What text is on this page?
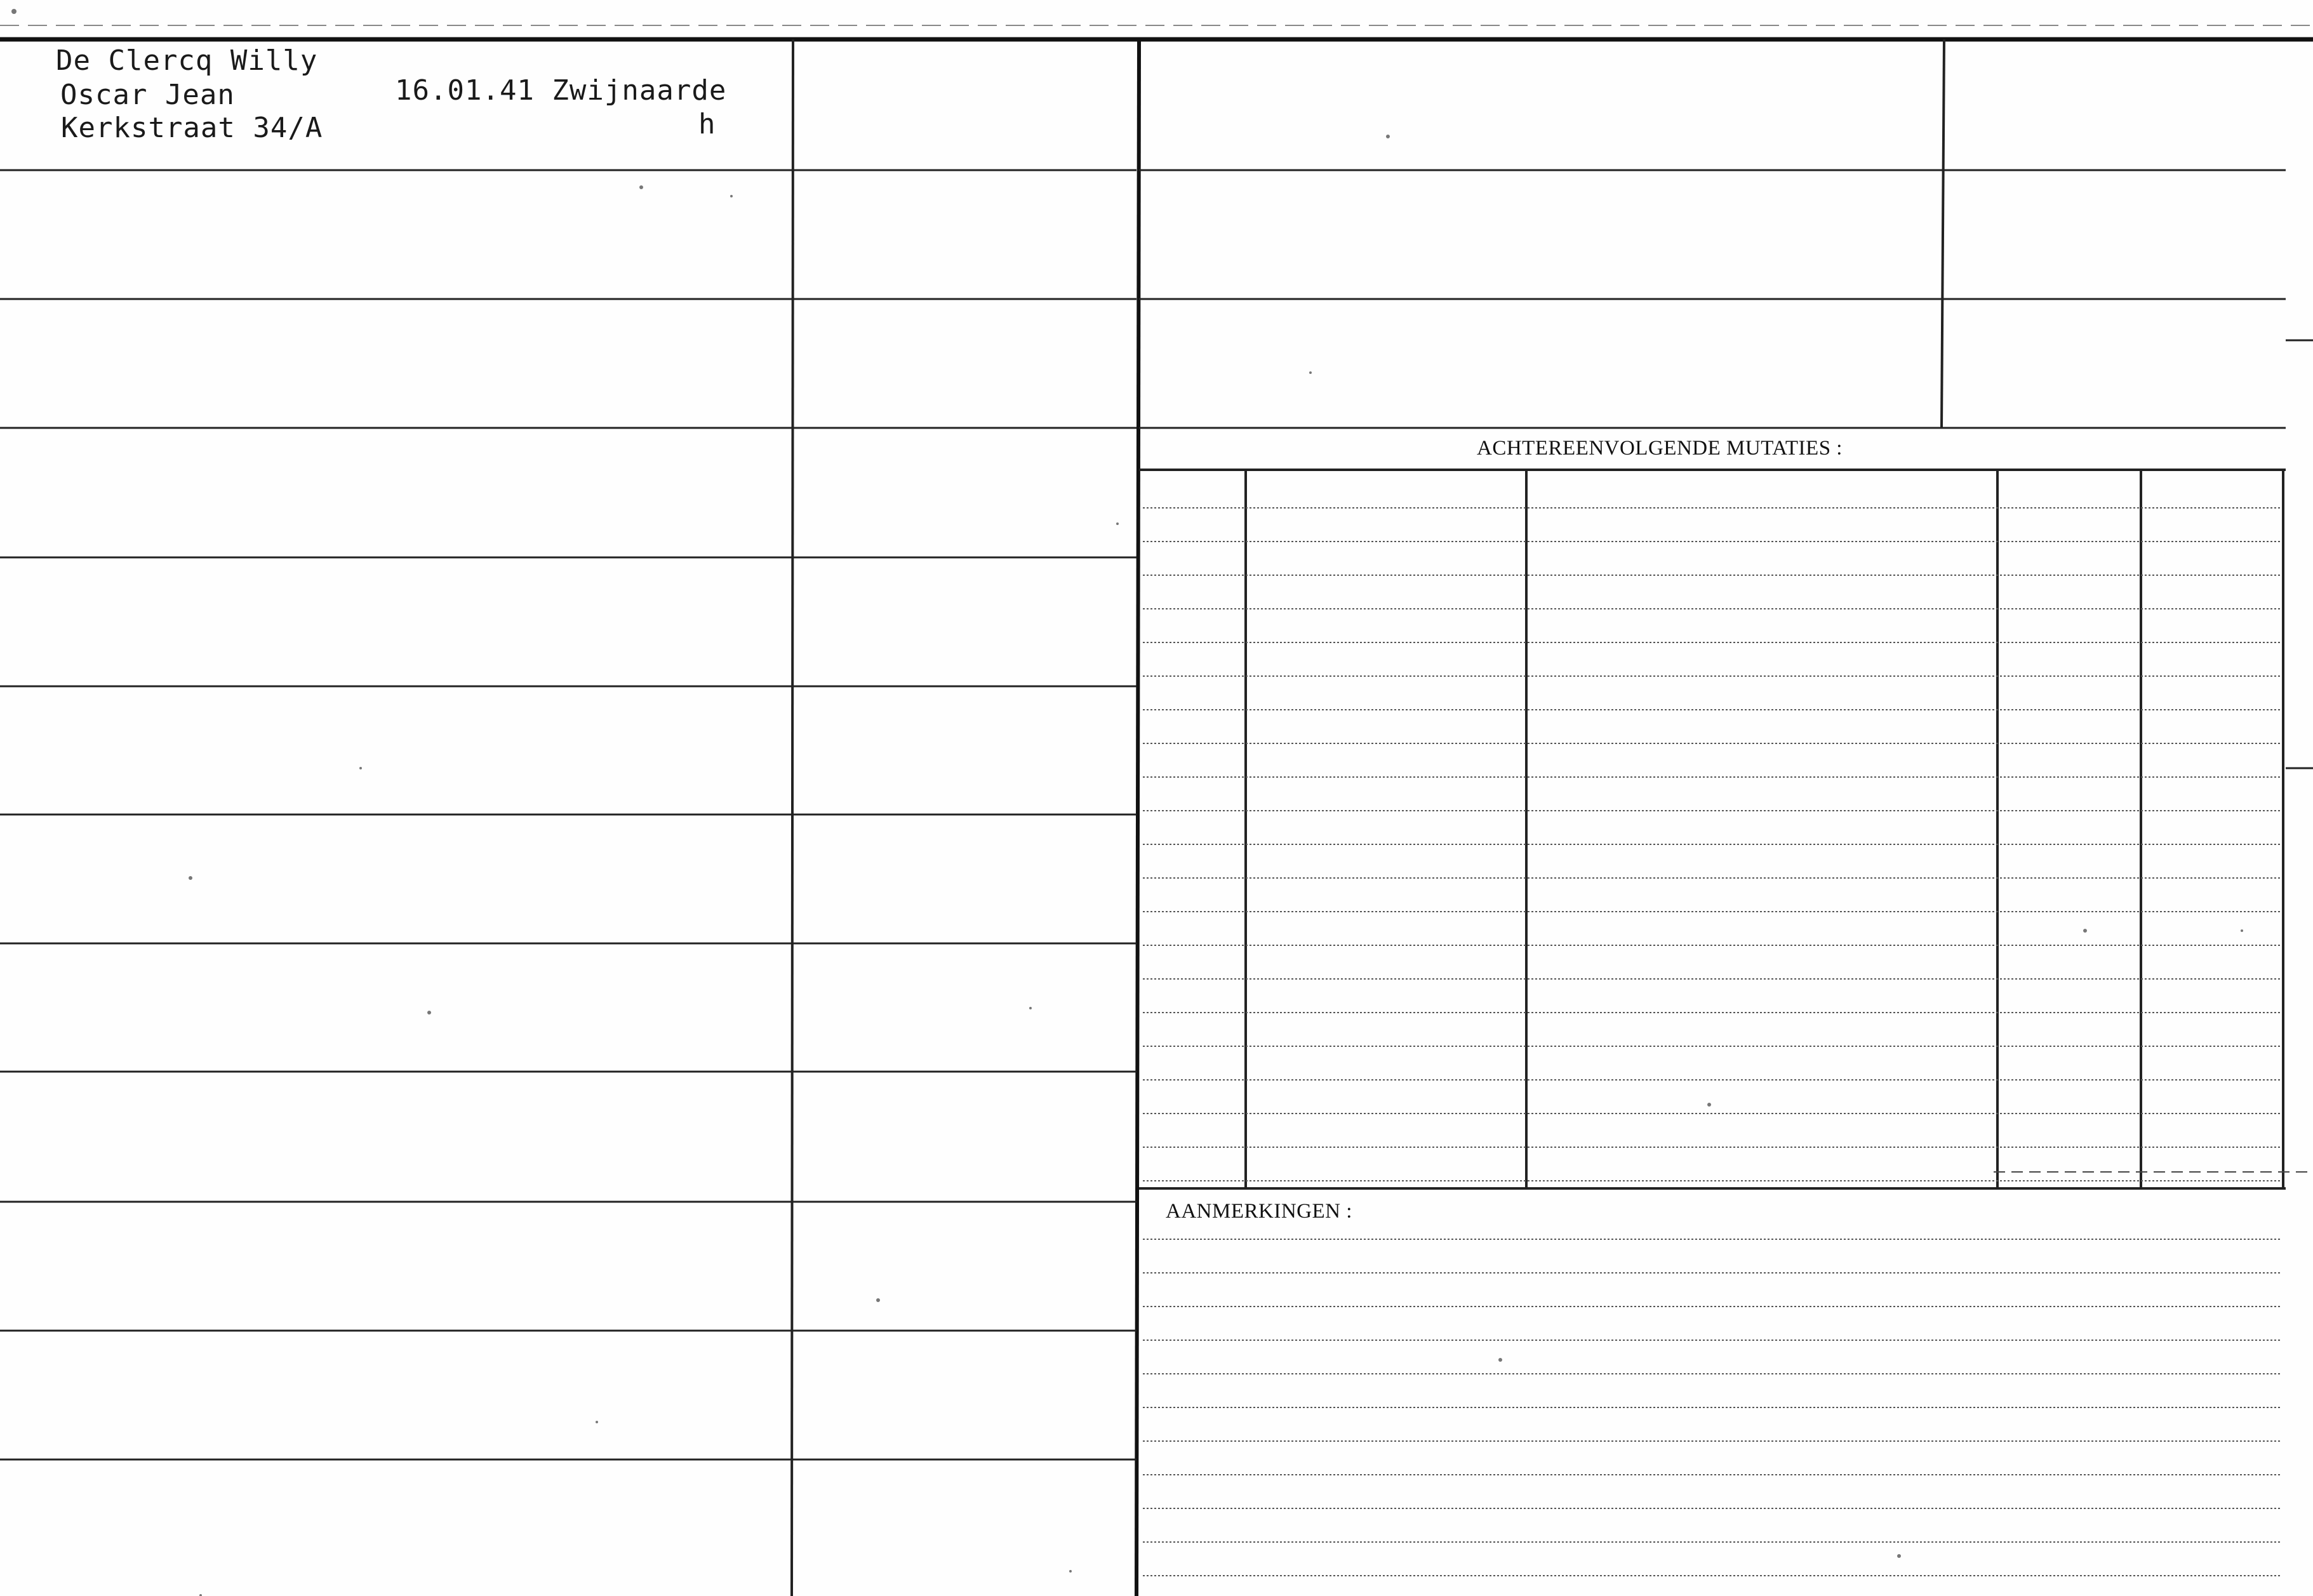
De Clercq Willy
Oscar Jean	16.01.41 Zwijnaarde
Kerkstraat 34/A	h
ACHTEREENVOLGENDE MUTATIES :
AANMERKINGEN :
